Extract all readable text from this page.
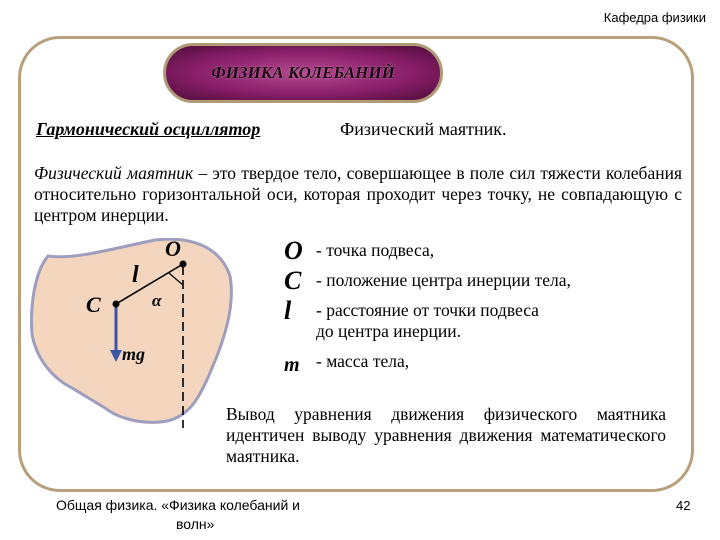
Кафедра физики
ФИЗИКА КОЛЕБАНИЙ
Гармонический осциллятор	Физический маятник.
Физический маятник – это твердое тело, совершающее в поле сил тяжести колебания относительно горизонтальной оси, которая проходит через точку, не совпадающую с центром инерции.
O
l
C	α
mg
O - точка подвеса,
C - положение центра инерции тела,
l	- расстояние от точки подвеса
до центра инерции.
m - масса тела,
Вывод уравнения движения физического маятника идентичен выводу уравнения движения математического маятника.
Общая физика. «Физика колебаний и
волн»
42
